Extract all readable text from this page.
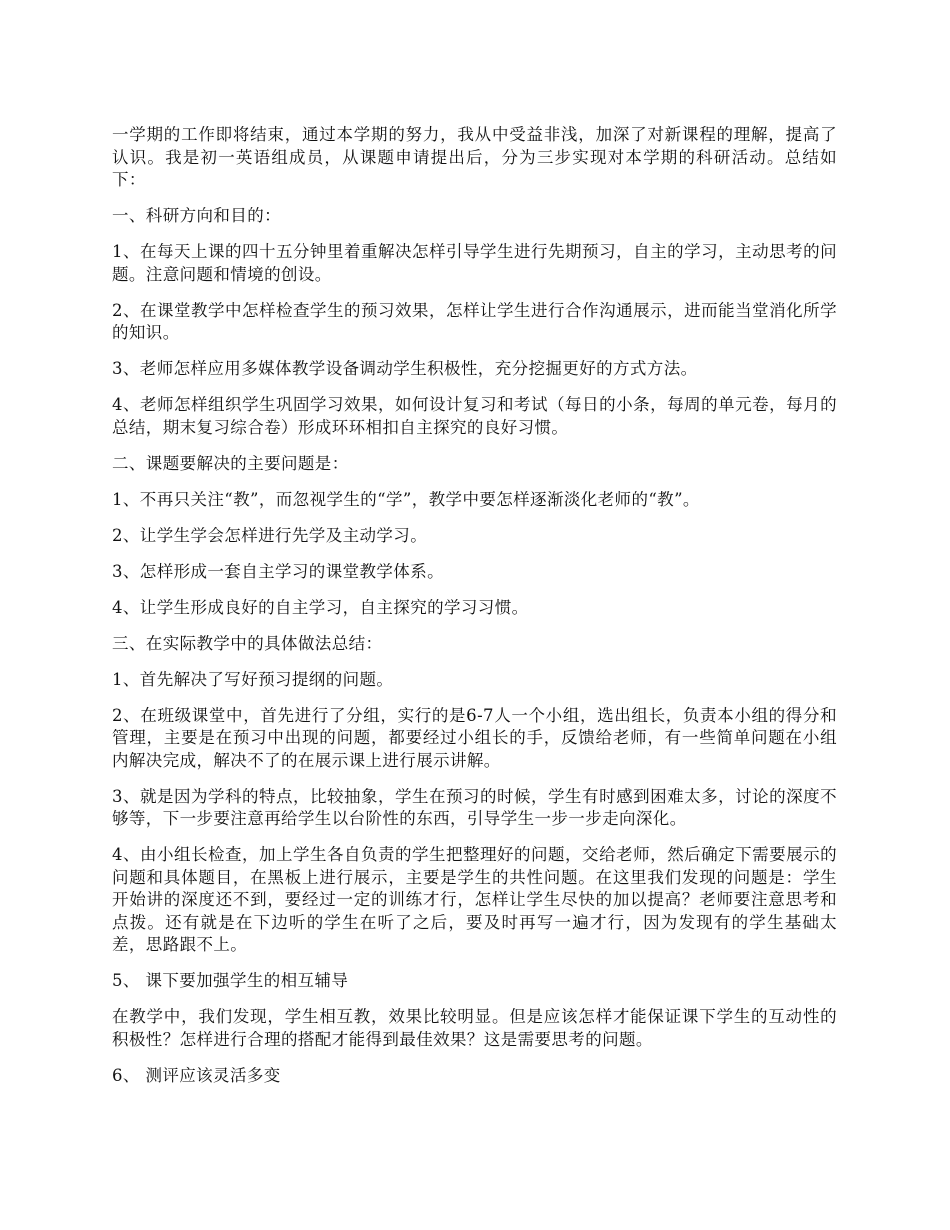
一学期的工作即将结束，通过本学期的努力，我从中受益非浅，加深了对新课程的理解，提高了认识。我是初一英语组成员，从课题申请提出后，分为三步实现对本学期的科研活动。总结如下：

一、科研方向和目的：

1、在每天上课的四十五分钟里着重解决怎样引导学生进行先期预习，自主的学习，主动思考的问题。注意问题和情境的创设。

2、在课堂教学中怎样检查学生的预习效果，怎样让学生进行合作沟通展示，进而能当堂消化所学的知识。

3、老师怎样应用多媒体教学设备调动学生积极性，充分挖掘更好的方式方法。

4、老师怎样组织学生巩固学习效果，如何设计复习和考试（每日的小条，每周的单元卷，每月的总结，期末复习综合卷）形成环环相扣自主探究的良好习惯。

二、课题要解决的主要问题是：

1、不再只关注“教”，而忽视学生的“学”，教学中要怎样逐渐淡化老师的“教”。

2、让学生学会怎样进行先学及主动学习。

3、怎样形成一套自主学习的课堂教学体系。

4、让学生形成良好的自主学习，自主探究的学习习惯。

三、在实际教学中的具体做法总结：

1、首先解决了写好预习提纲的问题。

2、在班级课堂中，首先进行了分组，实行的是6-7人一个小组，选出组长，负责本小组的得分和管理，主要是在预习中出现的问题，都要经过小组长的手，反馈给老师，有一些简单问题在小组内解决完成，解决不了的在展示课上进行展示讲解。

3、就是因为学科的特点，比较抽象，学生在预习的时候，学生有时感到困难太多，讨论的深度不够等，下一步要注意再给学生以台阶性的东西，引导学生一步一步走向深化。

4、由小组长检查，加上学生各自负责的学生把整理好的问题，交给老师，然后确定下需要展示的问题和具体题目，在黑板上进行展示，主要是学生的共性问题。在这里我们发现的问题是：学生开始讲的深度还不到，要经过一定的训练才行，怎样让学生尽快的加以提高？老师要注意思考和点拨。还有就是在下边听的学生在听了之后，要及时再写一遍才行，因为发现有的学生基础太差，思路跟不上。

5、 课下要加强学生的相互辅导

在教学中，我们发现，学生相互教，效果比较明显。但是应该怎样才能保证课下学生的互动性的积极性？怎样进行合理的搭配才能得到最佳效果？这是需要思考的问题。

6、 测评应该灵活多变
